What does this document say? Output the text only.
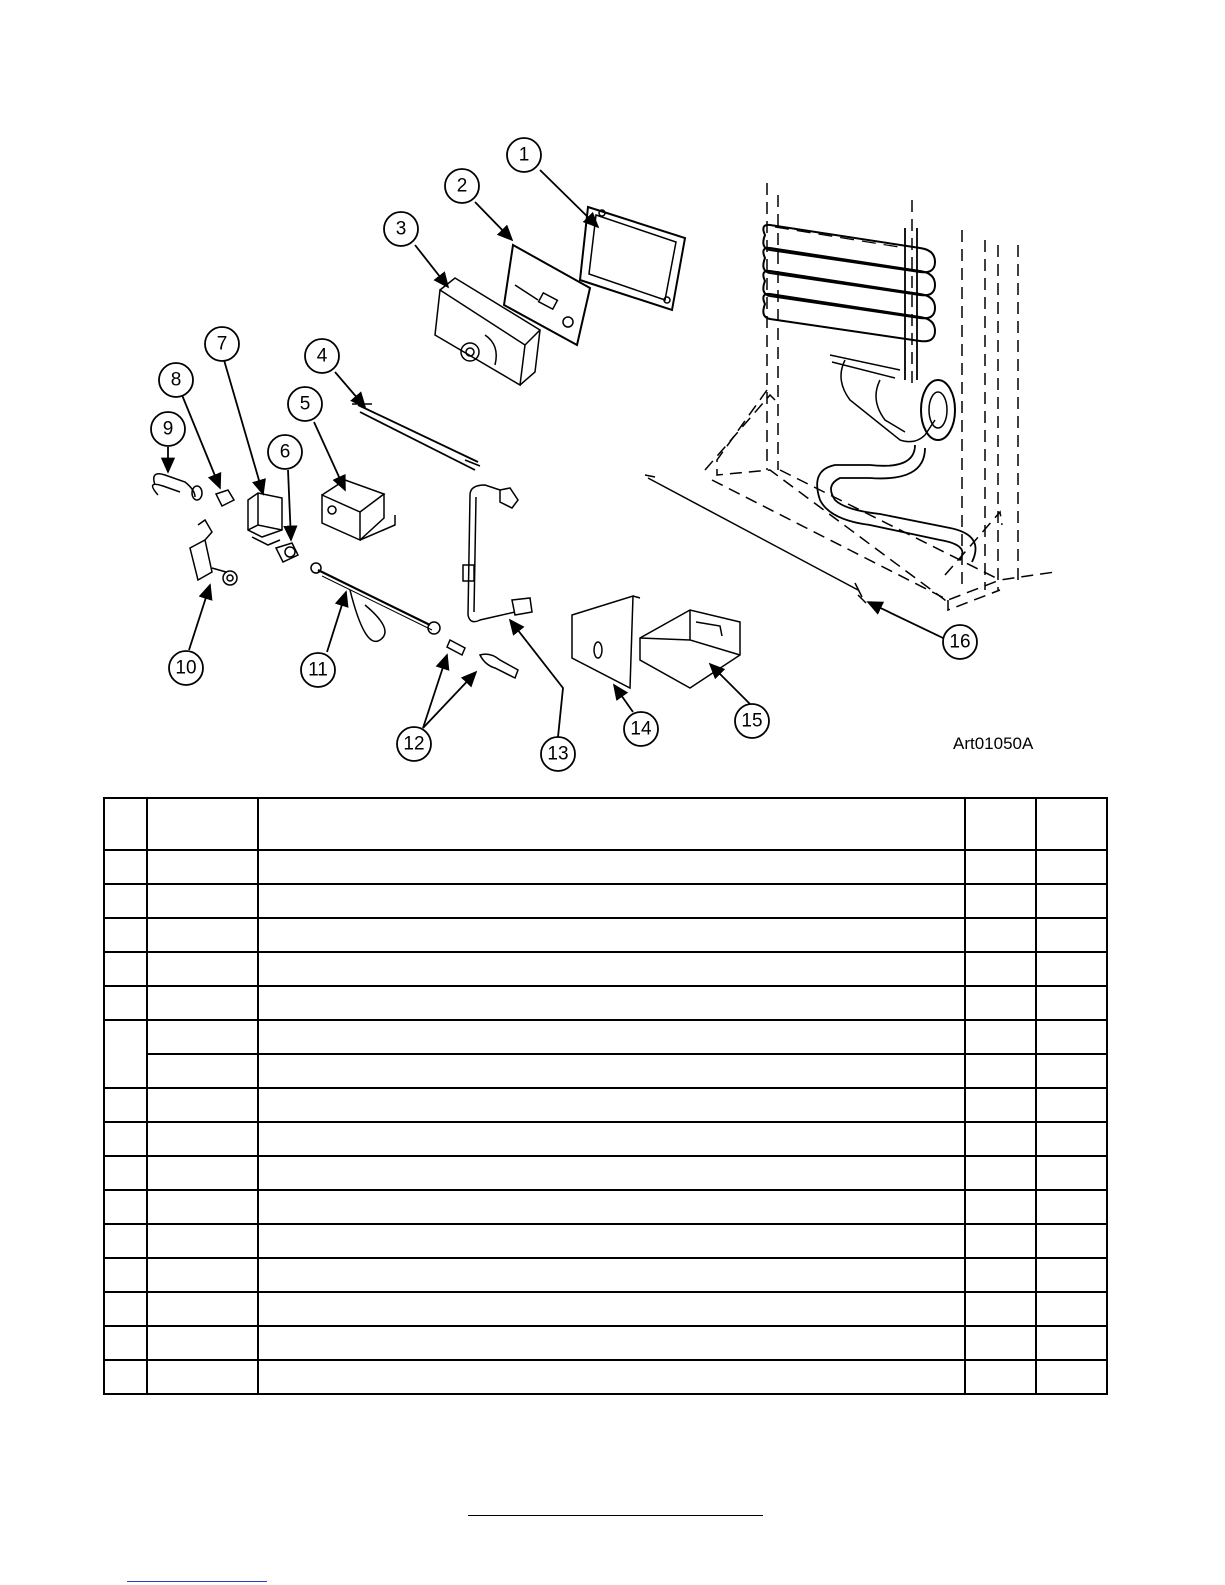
1
2
3
4
5
6
7
8
9
10	11
12	13
14	15
16
Art01050A
